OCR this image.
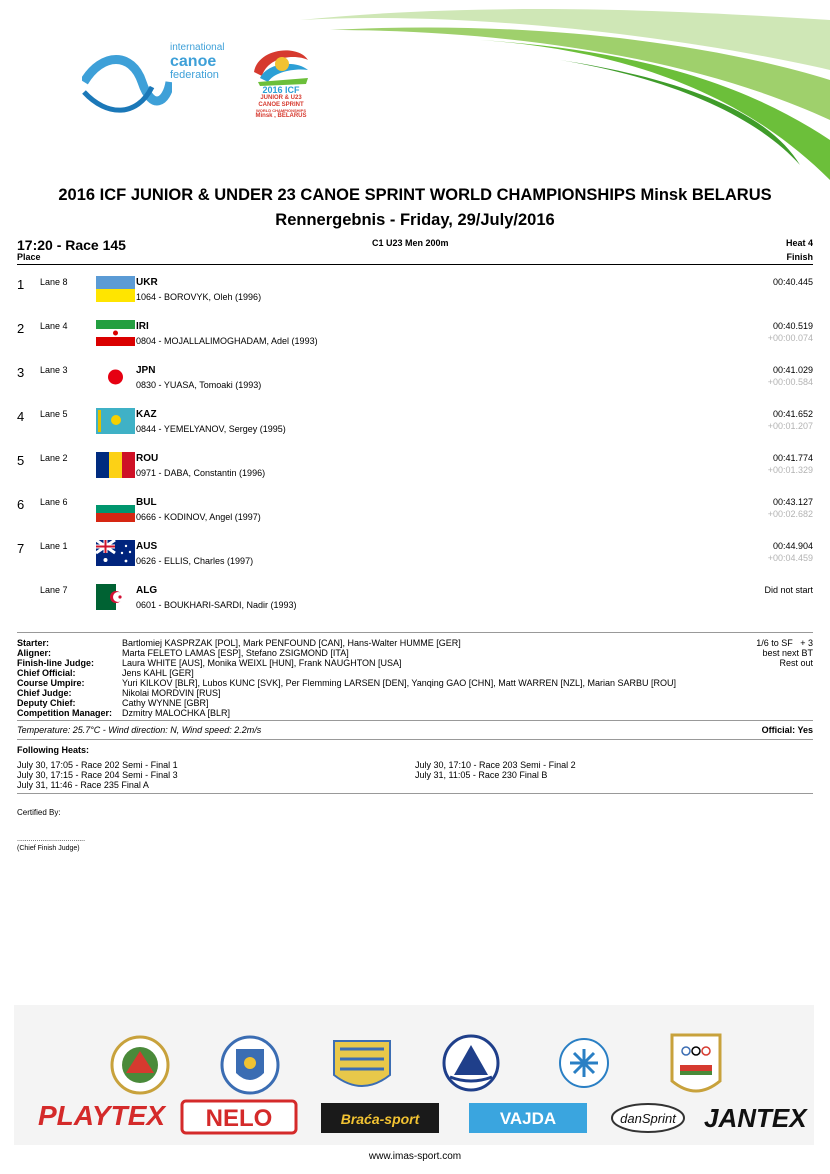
international
canoe
federation
2016 ICF
JUNIOR & U23
CANOE SPRINT
WORLD CHAMPIONSHIPS
Minsk , BELARUS
2016 ICF JUNIOR & UNDER 23 CANOE SPRINT WORLD CHAMPIONSHIPS Minsk BELARUS
Rennergebnis - Friday, 29/July/2016
17:20 - Race 145
Place
C1 U23 Men 200m	Heat 4
Finish
1 Lane 8	UKR
1064 - BOROVYK, Oleh (1996)
00:40.445
2 Lane 4	IRI
0804 - MOJALLALIMOGHADAM, Adel (1993)
00:40.519
+00:00.074
3 Lane 3	JPN
0830 - YUASA, Tomoaki (1993)
00:41.029
+00:00.584
4 Lane 5	KAZ
0844 - YEMELYANOV, Sergey (1995)
00:41.652
+00:01.207
5 Lane 2	ROU
0971 - DABA, Constantin (1996)
00:41.774
+00:01.329
6 Lane 6	BUL
0666 - KODINOV, Angel (1997)
00:43.127
+00:02.682
7 Lane 1	AUS
0626 - ELLIS, Charles (1997)
00:44.904
+00:04.459
Lane 7	ALG
0601 - BOUKHARI-SARDI, Nadir (1993)
Did not start
Starter:	Bartlomiej KASPRZAK [POL], Mark PENFOUND [CAN], Hans-Walter HUMME [GER]
Aligner:	Marta FELETO LAMAS [ESP], Stefano ZSIGMOND [ITA]
Finish-line Judge:	Laura WHITE [AUS], Monika WEIXL [HUN], Frank NAUGHTON [USA]
Chief Official:	Jens KAHL [GER]
Course Umpire:	Yuri KILKOV [BLR], Lubos KUNC [SVK], Per Flemming LARSEN [DEN], Yanqing GAO [CHN], Matt WARREN [NZL], Marian SARBU [ROU]
Chief Judge:	Nikolai MORDVIN [RUS]
Deputy Chief:	Cathy WYNNE [GBR]
Competition Manager:	Dzmitry MALOCHKA [BLR]
1/6 to SF   + 3
best next BT
Rest out
Temperature: 25.7°C - Wind direction: N, Wind speed: 2.2m/s	Official: Yes
Following Heats:
July 30, 17:05 - Race 202 Semi - Final 1
July 30, 17:15 - Race 204 Semi - Final 3
July 31, 11:46 - Race 235 Final A
July 30, 17:10 - Race 203 Semi - Final 2
July 31, 11:05 - Race 230 Final B
Certified By:
...................................
(Chief Finish Judge)
PLAYTEX NELO	Braća-sport	VAJDA	danSprint JANTEX
www.imas-sport.com
